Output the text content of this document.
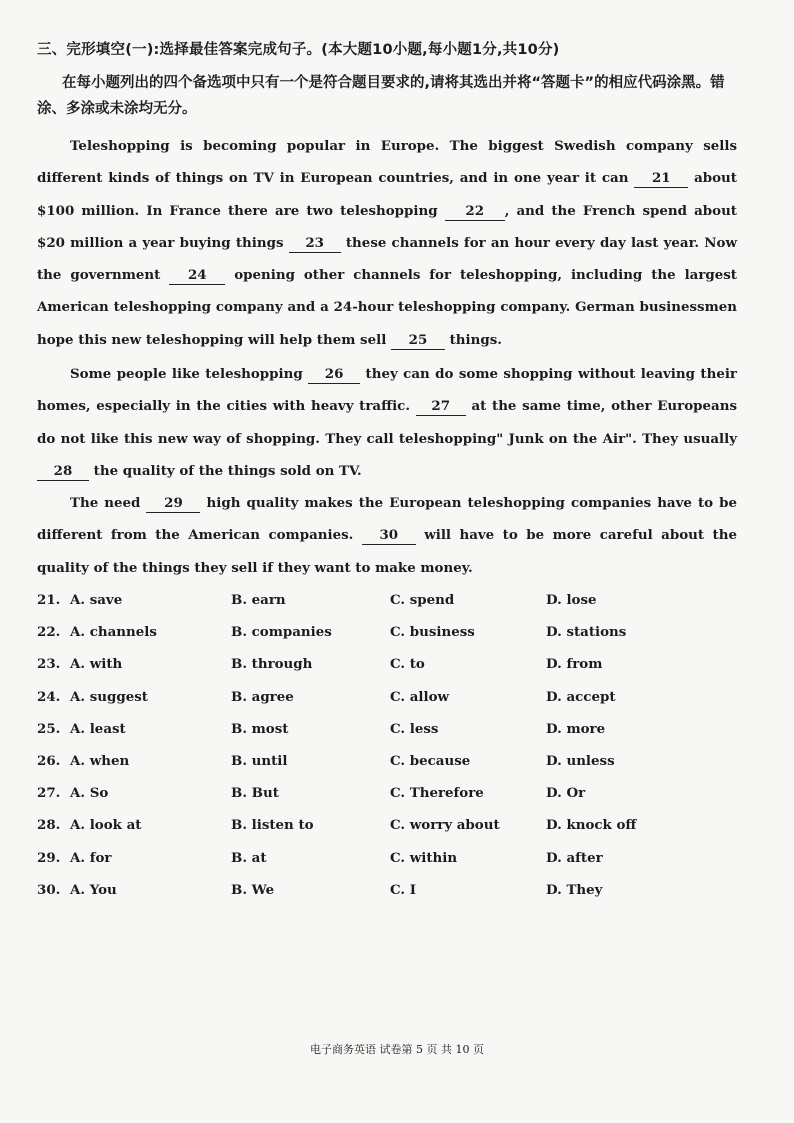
三、完形填空(一):选择最佳答案完成句子。(本大题10小题,每小题1分,共10分)
在每小题列出的四个备选项中只有一个是符合题目要求的,请将其选出并将“答题卡”的相应代码涂黑。错涂、多涂或未涂均无分。
Teleshopping is becoming popular in Europe. The biggest Swedish company sells different kinds of things on TV in European countries, and in one year it can 21 about $100 million. In France there are two teleshopping 22 , and the French spend about $20 million a year buying things 23 these channels for an hour every day last year. Now the government 24 opening other channels for teleshopping, including the largest American teleshopping company and a 24-hour teleshopping company. German businessmen hope this new teleshopping will help them sell 25 things.
Some people like teleshopping 26 they can do some shopping without leaving their homes, especially in the cities with heavy traffic. 27 at the same time, other Europeans do not like this new way of shopping. They call teleshopping" Junk on the Air". They usually 28 the quality of the things sold on TV.
The need 29 high quality makes the European teleshopping companies have to be different from the American companies. 30 will have to be more careful about the quality of the things they sell if they want to make money.
21. A. save	B. earn	C. spend	D. lose
22. A. channels	B. companies	C. business	D. stations
23. A. with	B. through	C. to	D. from
24. A. suggest	B. agree	C. allow	D. accept
25. A. least	B. most	C. less	D. more
26. A. when	B. until	C. because	D. unless
27. A. So	B. But	C. Therefore	D. Or
28. A. look at	B. listen to	C. worry about	D. knock off
29. A. for	B. at	C. within	D. after
30. A. You	B. We	C. I	D. They
电子商务英语 试卷第 5 页 共 10 页
